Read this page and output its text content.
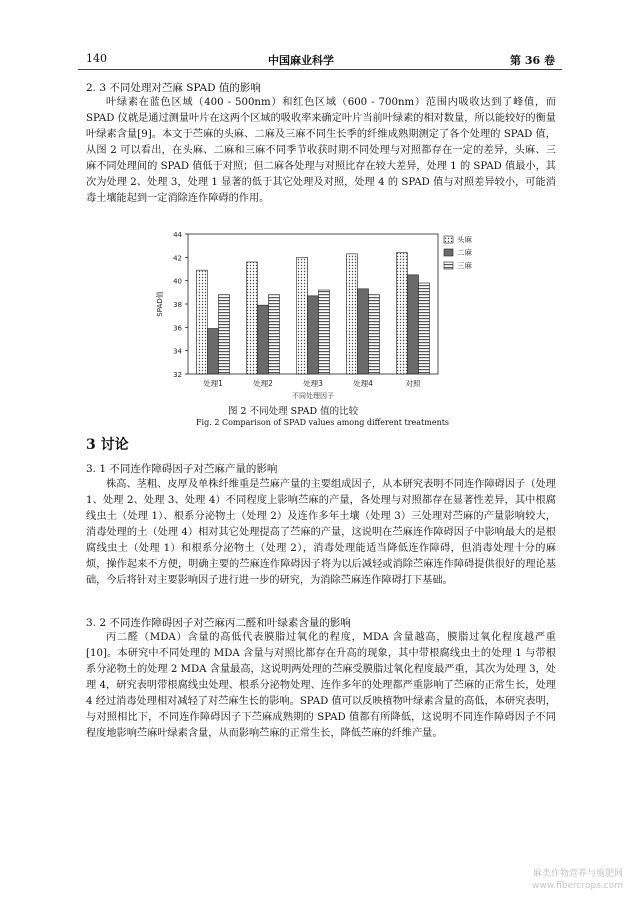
140	中国麻业科学	第 36 卷
2. 3 不同处理对苎麻 SPAD 值的影响

叶绿素在蓝色区域（400 - 500nm）和红色区域（600 - 700nm）范围内吸收达到了峰值，而 SPAD 仪就是通过测量叶片在这两个区域的吸收率来确定叶片当前叶绿素的相对数量，所以能较好的衡量叶绿素含量[9]。本文于苎麻的头麻、二麻及三麻不同生长季的纤维成熟期测定了各个处理的 SPAD 值，从图 2 可以看出，在头麻、二麻和三麻不同季节收获时期不同处理与对照都存在一定的差异，头麻、三麻不同处理间的 SPAD 值低于对照；但二麻各处理与对照比存在较大差异，处理 1 的 SPAD 值最小，其次为处理 2、处理 3，处理 1 显著的低于其它处理及对照，处理 4 的 SPAD 值与对照差异较小，可能消毒土壤能起到一定消除连作障碍的作用。

32
34
36
38
40
42
44
SPAD值
处理1	处理2	处理3	处理4	对照
不同处理因子
头麻
二麻
三麻
图 2 不同处理 SPAD 值的比较
Fig. 2 Comparison of SPAD values among different treatments
3 讨论
3. 1 不同连作障碍因子对苎麻产量的影响

株高、茎粗、皮厚及单株纤维重是苎麻产量的主要组成因子，从本研究表明不同连作障碍因子（处理 1、处理 2、处理 3、处理 4）不同程度上影响苎麻的产量，各处理与对照都存在显著性差异，其中根腐线虫土（处理 1）、根系分泌物土（处理 2）及连作多年土壤（处理 3）三处理对苎麻的产量影响较大，消毒处理的土（处理 4）相对其它处理提高了苎麻的产量，这说明在苎麻连作障碍因子中影响最大的是根腐线虫土（处理 1）和根系分泌物土（处理 2），消毒处理能适当降低连作障碍，但消毒处理十分的麻烦，操作起来不方便，明确主要的苎麻连作障碍因子将为以后减轻或消除苎麻连作障碍提供很好的理论基础，今后将针对主要影响因子进行进一步的研究，为消除苎麻连作障碍打下基础。

3. 2 不同连作障碍因子对苎麻丙二醛和叶绿素含量的影响

丙二醛（MDA）含量的高低代表膜脂过氧化的程度，MDA 含量越高，膜脂过氧化程度越严重[10]。本研究中不同处理的 MDA 含量与对照比都存在升高的现象，其中带根腐线虫土的处理 1 与带根系分泌物土的处理 2 MDA 含量最高，这说明两处理的苎麻受膜脂过氧化程度最严重，其次为处理 3，处理 4，研究表明带根腐线虫处理、根系分泌物处理、连作多年的处理都严重影响了苎麻的正常生长，处理 4 经过消毒处理相对减轻了对苎麻生长的影响。SPAD 值可以反映植物叶绿素含量的高低，本研究表明，与对照相比下，不同连作障碍因子下苎麻成熟期的 SPAD 值都有所降低，这说明不同连作障碍因子不同程度地影响苎麻叶绿素含量，从而影响苎麻的正常生长，降低苎麻的纤维产量。

麻类作物营养与施肥网
www.fibercrops.com
